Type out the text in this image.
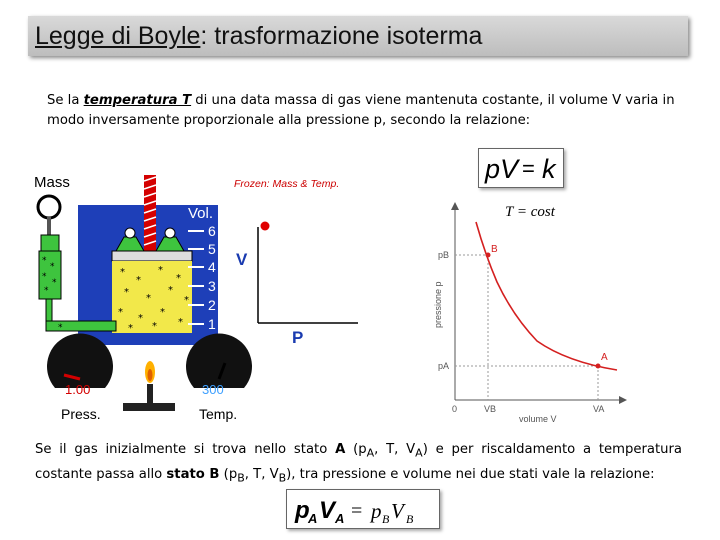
Legge di Boyle: trasformazione isoterma
Se la temperatura T di una data massa di gas viene mantenuta costante, il volume V varia in modo inversamente proporzionale alla pressione p, secondo la relazione:
pV = k
Mass	Frozen: Mass & Temp.
*
*
*
*
*
*
*
*
*
*
*
*
* *
*
*
*
*
*
*
Vol.
6
5
4
3
2
1
V
P
1.00
Press.
300
Temp.
T = cost
B
A
pB
pA
0	VB	VA
volume V
pressione p
Se il gas inizialmente si trova nello stato A ($p_A$, T, $V_A$) e per riscaldamento a temperatura costante passa allo stato B ($p_B$, T, $V_B$), tra pressione e volume nei due stati vale la relazione:
p
A V A = p B V B
